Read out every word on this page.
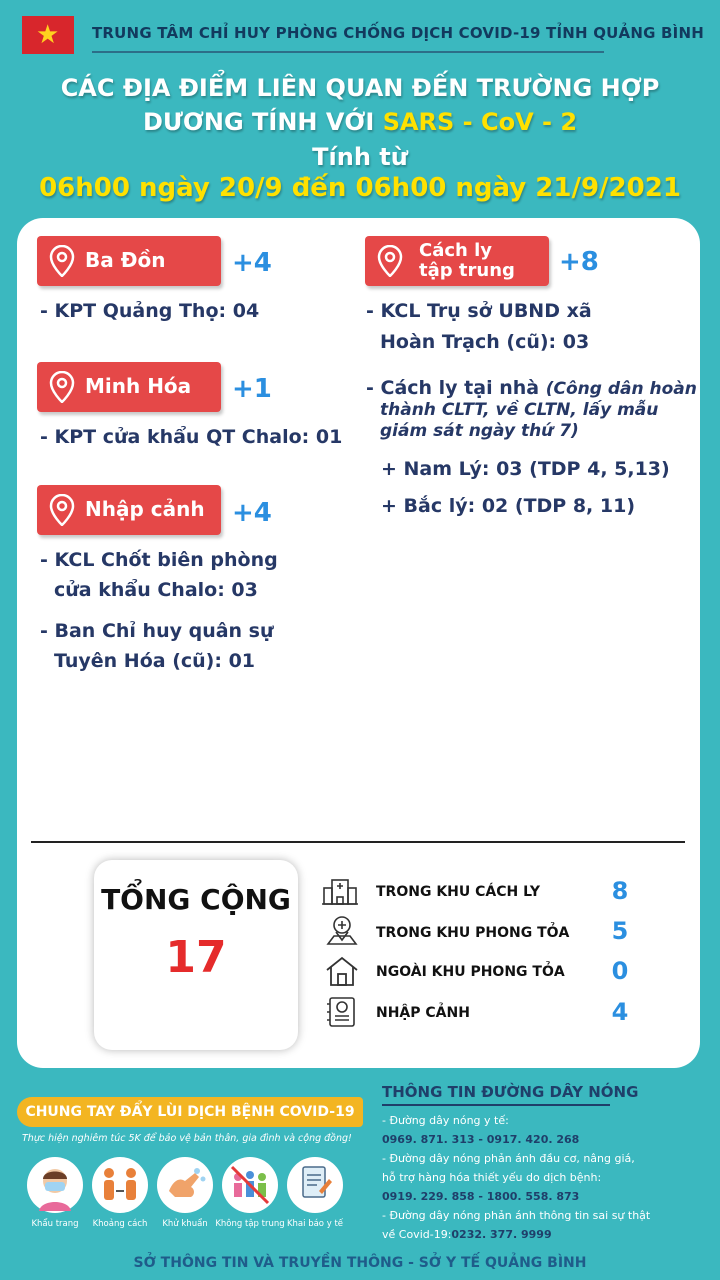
★ TRUNG TÂM CHỈ HUY PHÒNG CHỐNG DỊCH COVID-19 TỈNH QUẢNG BÌNH
CÁC ĐỊA ĐIỂM LIÊN QUAN ĐẾN TRƯỜNG HỢP
DƯƠNG TÍNH VỚI SARS - CoV - 2
Tính từ
06h00 ngày 20/9 đến 06h00 ngày 21/9/2021
Ba Đồn	+4
- KPT Quảng Thọ: 04
Minh Hóa +1
- KPT cửa khẩu QT Chalo: 01
Nhập cảnh +4
- KCL Chốt biên phòng
cửa khẩu Chalo: 03
- Ban Chỉ huy quân sự
Tuyên Hóa (cũ): 01
Cách ly
tập trung +8
- KCL Trụ sở UBND xã
Hoàn Trạch (cũ): 03
- Cách ly tại nhà (Công dân hoàn
thành CLTT, về CLTN, lấy mẫu
giám sát ngày thứ 7)
+ Nam Lý: 03 (TDP 4, 5,13)
+ Bắc lý: 02 (TDP 8, 11)
TỔNG CỘNG
17
TRONG KHU CÁCH LY	8
TRONG KHU PHONG TỎA	5
NGOÀI KHU PHONG TỎA	0
NHẬP CẢNH	4
CHUNG TAY ĐẨY LÙI DỊCH BỆNH COVID-19
Thực hiện nghiêm túc 5K để bảo vệ bản thân, gia đình và cộng đồng!
Khẩu trang	Khoảng cách	Khử khuẩn Không tập trung Khai báo y tế
THÔNG TIN ĐƯỜNG DÂY NÓNG
- Đường dây nóng y tế:
0969. 871. 313 - 0917. 420. 268
- Đường dây nóng phản ánh đầu cơ, nâng giá,
hỗ trợ hàng hóa thiết yếu do dịch bệnh:
0919. 229. 858 - 1800. 558. 873
- Đường dây nóng phản ánh thông tin sai sự thật
về Covid-19:0232. 377. 9999
SỞ THÔNG TIN VÀ TRUYỀN THÔNG - SỞ Y TẾ QUẢNG BÌNH
